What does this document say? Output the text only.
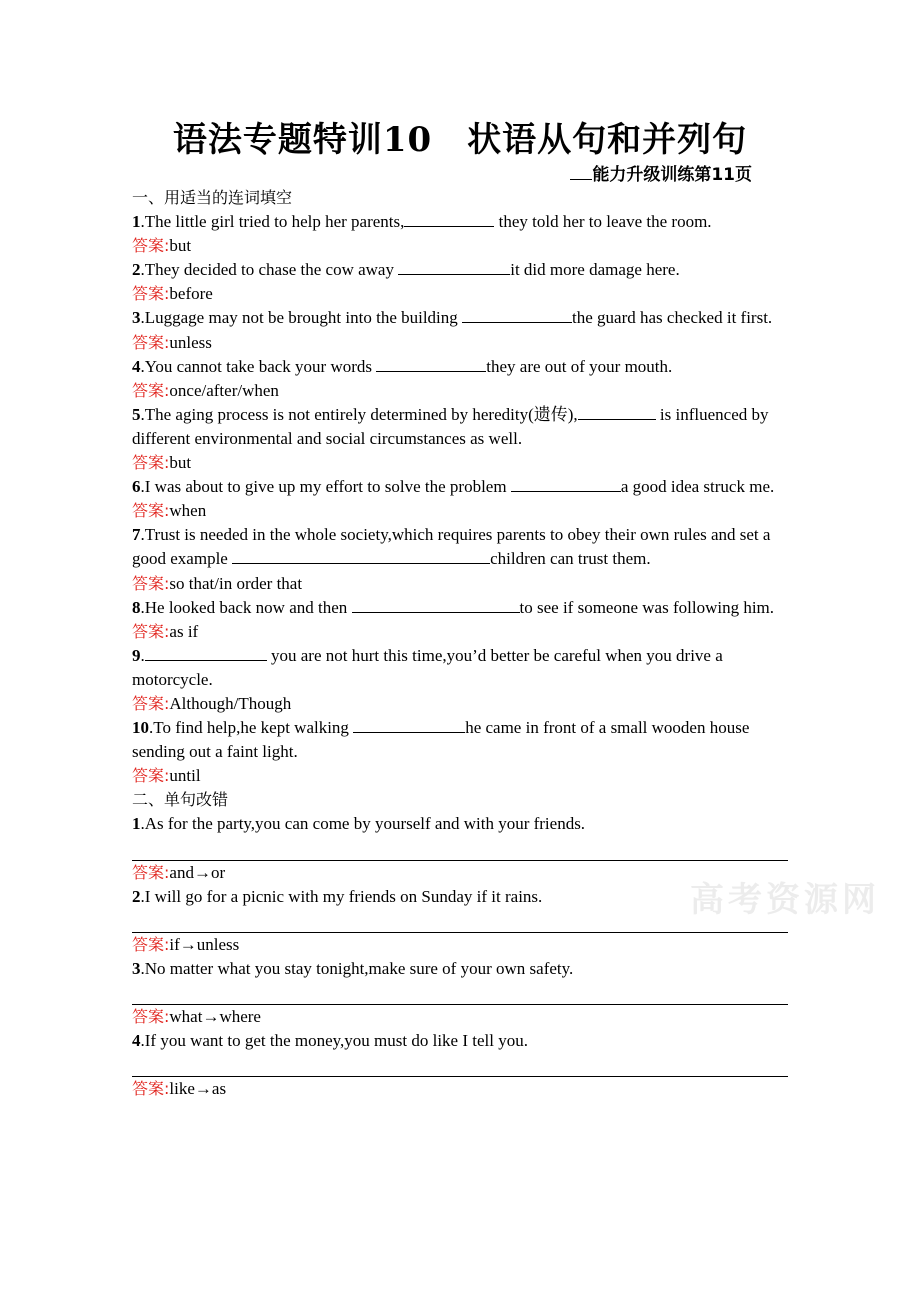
语法专题特训10　状语从句和并列句
能力升级训练第11页
高考资源网
一、用适当的连词填空
1.The little girl tried to help her parents,	they told her to leave the room.
答案:but
2.They decided to chase the cow away	it did more damage here.
答案:before
3.Luggage may not be brought into the building	the guard has checked it first.
答案:unless
4.You cannot take back your words	they are out of your mouth.
答案:once/after/when
5.The aging process is not entirely determined by heredity(遗传),	is influenced by different environmental and social circumstances as well.
答案:but
6.I was about to give up my effort to solve the problem	a good idea struck me.
答案:when
7.Trust is needed in the whole society,which requires parents to obey their own rules and set a good example	children can trust them.
答案:so that/in order that
8.He looked back now and then	to see if someone was following him.
答案:as if
9.	you are not hurt this time,you’d better be careful when you drive a motorcycle.
答案:Although/Though
10.To find help,he kept walking	he came in front of a small wooden house sending out a faint light.
答案:until
二、单句改错
1.As for the party,you can come by yourself and with your friends.
答案:and→or
2.I will go for a picnic with my friends on Sunday if it rains.
答案:if→unless
3.No matter what you stay tonight,make sure of your own safety.
答案:what→where
4.If you want to get the money,you must do like I tell you.
答案:like→as
